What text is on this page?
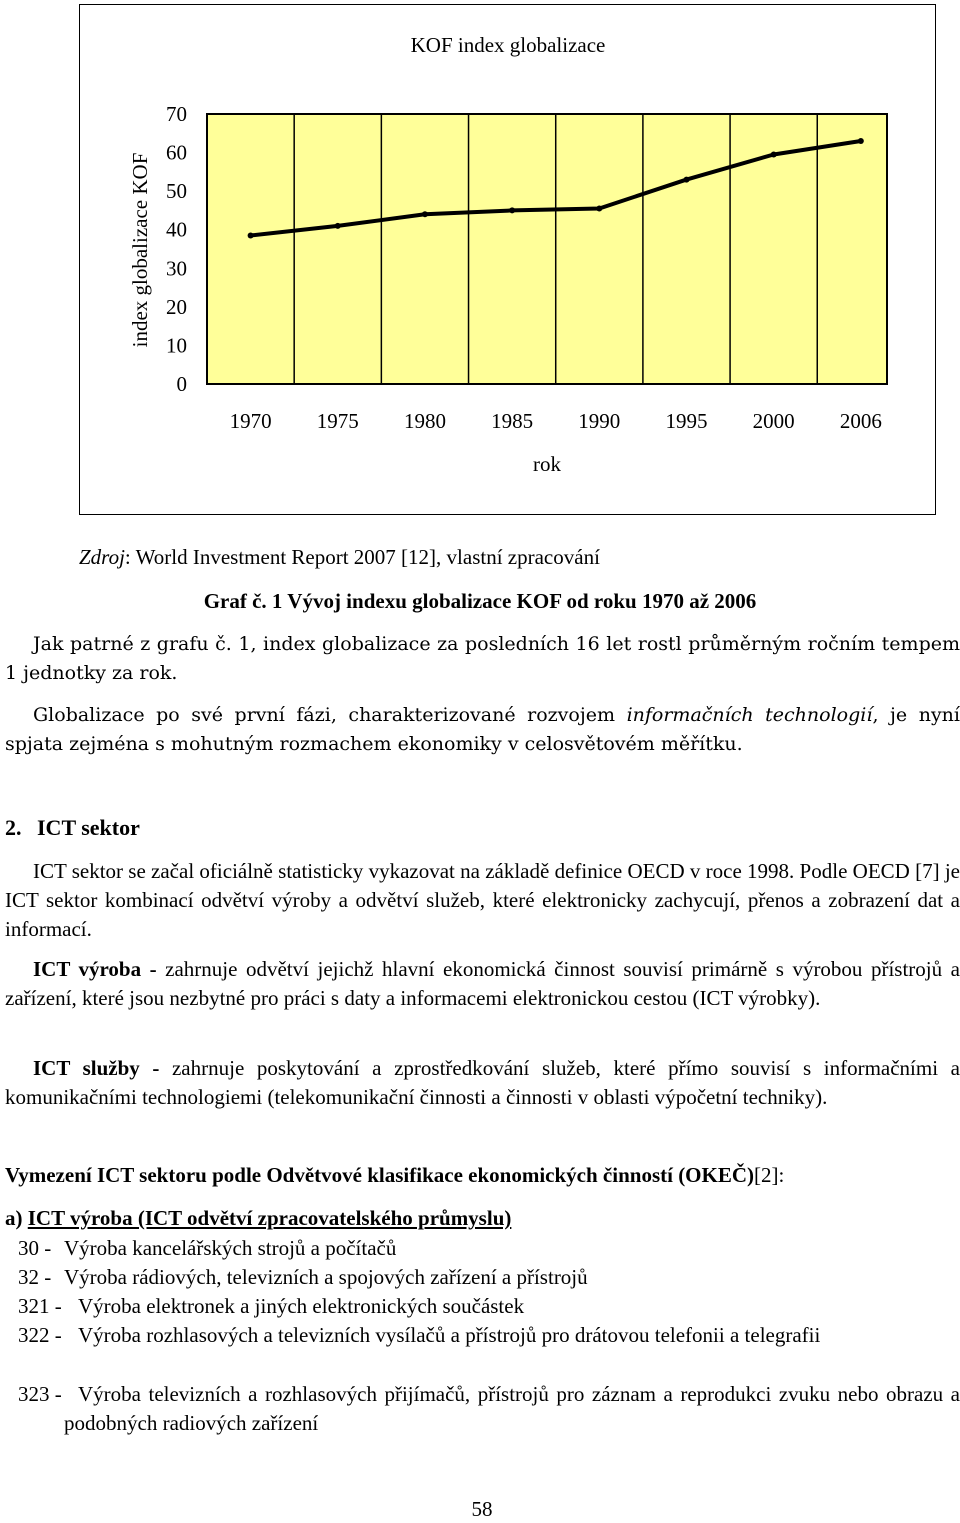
KOF index globalizace
index globalizace KOF
rok
70
60
50
40
30
20
10
0
1970 1975 1980 1985 1990 1995 2000 2006
Zdroj: World Investment Report 2007 [12], vlastní zpracování
Graf č. 1 Vývoj indexu globalizace KOF od roku 1970 až 2006
Jak patrné z grafu č. 1, index globalizace za posledních 16 let rostl průměrným ročním tempem 1 jednotky za rok.
Globalizace po své první fázi, charakterizované rozvojem informačních technologií, je nyní spjata zejména s mohutným rozmachem ekonomiky v celosvětovém měřítku.
2. ICT sektor
ICT sektor se začal oficiálně statisticky vykazovat na základě definice OECD v roce 1998. Podle OECD [7] je ICT sektor kombinací odvětví výroby a odvětví služeb, které elektronicky zachycují, přenos a zobrazení dat a informací.
ICT výroba - zahrnuje odvětví jejichž hlavní ekonomická činnost souvisí primárně s výrobou přístrojů a zařízení, které jsou nezbytné pro práci s daty a informacemi elektronickou cestou (ICT výrobky).
ICT služby - zahrnuje poskytování a zprostředkování služeb, které přímo souvisí s informačními a komunikačními technologiemi (telekomunikační činnosti a činnosti v oblasti výpočetní techniky).
Vymezení ICT sektoru podle Odvětvové klasifikace ekonomických činností (OKEČ)[2]:
a) ICT výroba (ICT odvětví zpracovatelského průmyslu)
30 - Výroba kancelářských strojů a počítačů
32 - Výroba rádiových, televizních a spojových zařízení a přístrojů
321 - Výroba elektronek a jiných elektronických součástek
322 - Výroba rozhlasových a televizních vysílačů a přístrojů pro drátovou telefonii a telegrafii
323 - Výroba televizních a rozhlasových přijímačů, přístrojů pro záznam a reprodukci zvuku nebo obrazu a podobných radiových zařízení
58
